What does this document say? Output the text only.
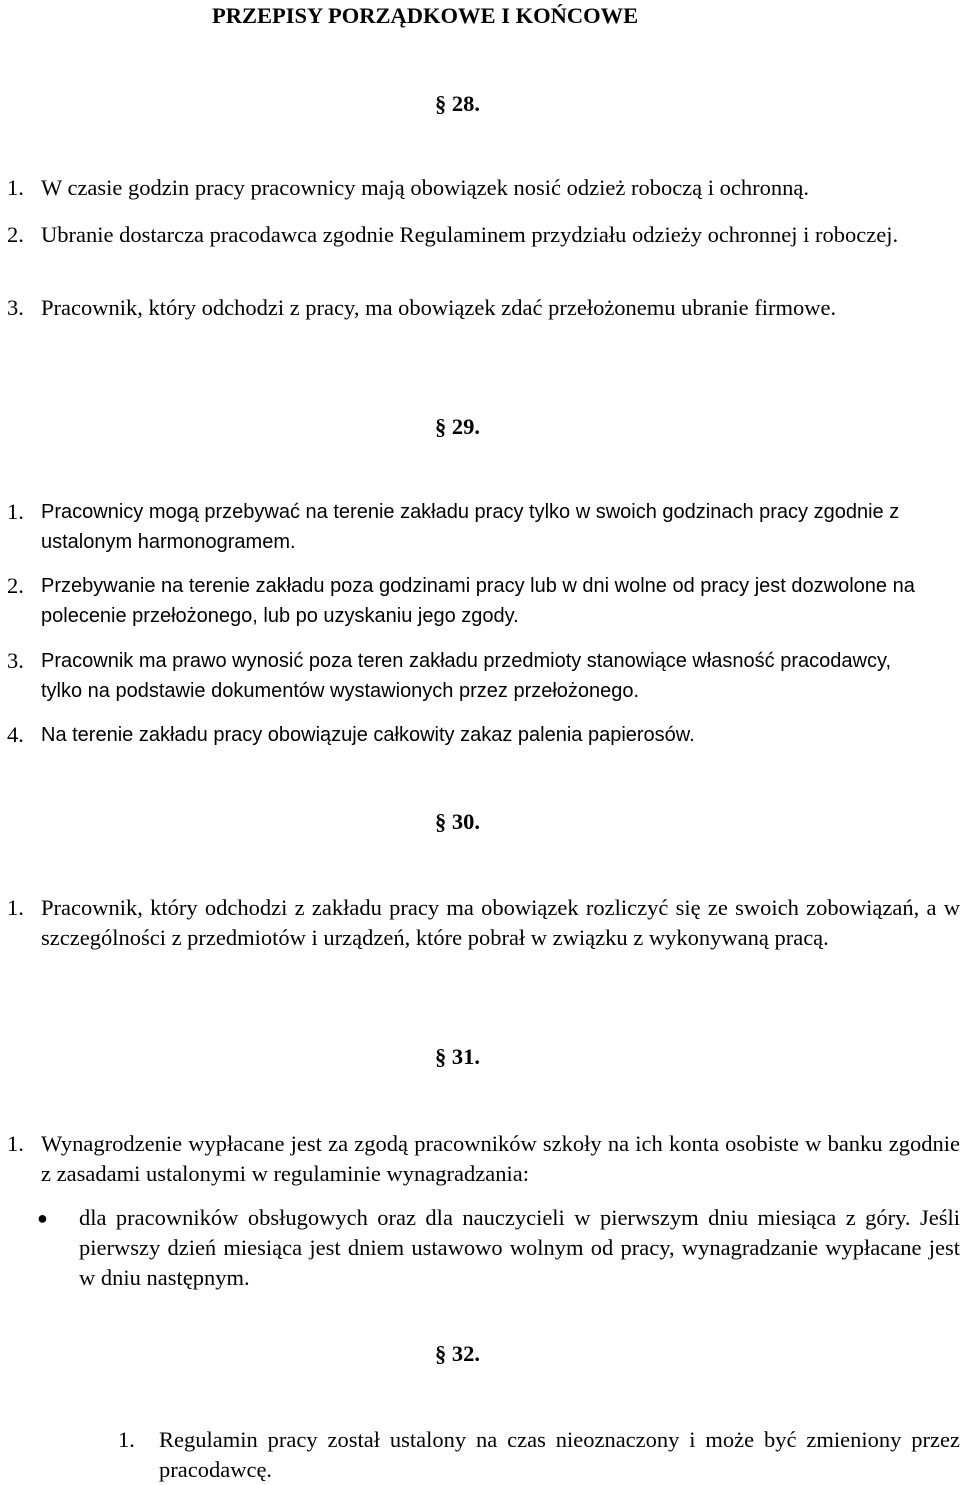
PRZEPISY PORZĄDKOWE I KOŃCOWE
§ 28.
1. W czasie godzin pracy pracownicy mają obowiązek nosić odzież roboczą i ochronną.
2. Ubranie dostarcza pracodawca zgodnie Regulaminem przydziału odzieży ochronnej i roboczej.
3. Pracownik, który odchodzi z pracy, ma obowiązek zdać przełożonemu ubranie firmowe.
§ 29.
1. Pracownicy mogą przebywać na terenie zakładu pracy tylko w swoich godzinach pracy zgodnie z ustalonym harmonogramem.
2. Przebywanie na terenie zakładu poza godzinami pracy lub w dni wolne od pracy jest dozwolone na polecenie przełożonego, lub po uzyskaniu jego zgody.
3. Pracownik ma prawo wynosić poza teren zakładu przedmioty stanowiące własność pracodawcy, tylko na podstawie dokumentów wystawionych przez przełożonego.
4. Na terenie zakładu pracy obowiązuje całkowity zakaz palenia papierosów.
§ 30.
1. Pracownik, który odchodzi z zakładu pracy ma obowiązek rozliczyć się ze swoich zobowiązań, a w szczególności z przedmiotów i urządzeń, które pobrał w związku z wykonywaną pracą.
§ 31.
1. Wynagrodzenie wypłacane jest za zgodą pracowników szkoły na ich konta osobiste w banku zgodnie z zasadami ustalonymi w regulaminie wynagradzania:
● dla pracowników obsługowych oraz dla nauczycieli w pierwszym dniu miesiąca z góry. Jeśli pierwszy dzień miesiąca jest dniem ustawowo wolnym od pracy, wynagradzanie wypłacane jest w dniu następnym.
§ 32.
1. Regulamin pracy został ustalony na czas nieoznaczony i może być zmieniony przez pracodawcę.
